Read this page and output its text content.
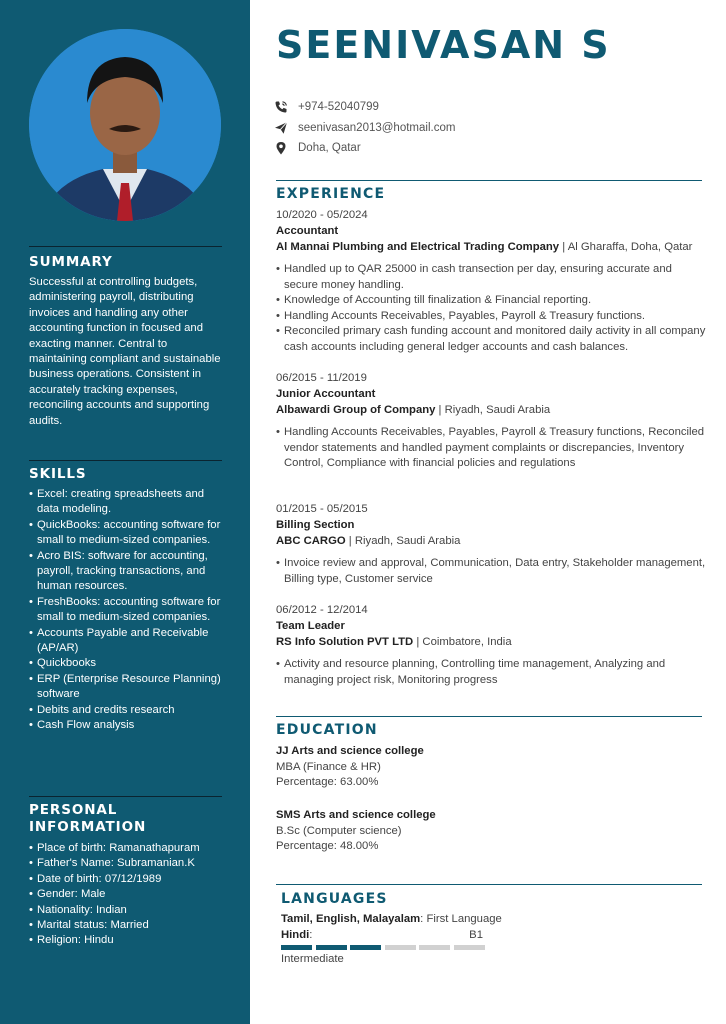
SUMMARY

Successful at controlling budgets, administering payroll, distributing invoices and handling any other accounting function in focused and exacting manner. Central to maintaining compliant and sustainable business operations. Consistent in accurately tracking expenses, reconciling accounts and supporting audits.

SKILLS
• Excel: creating spreadsheets and data modeling.
• QuickBooks: accounting software for small to medium-sized companies.
• Acro BIS: software for accounting, payroll, tracking transactions, and human resources.
• FreshBooks: accounting software for small to medium-sized companies.
• Accounts Payable and Receivable (AP/AR)
• Quickbooks
• ERP (Enterprise Resource Planning) software
• Debits and credits research
• Cash Flow analysis
PERSONAL INFORMATION
• Place of birth: Ramanathapuram
• Father's Name: Subramanian.K
• Date of birth: 07/12/1989
• Gender: Male
• Nationality: Indian
• Marital status: Married
• Religion: Hindu
SEENIVASAN S
+974-52040799
seenivasan2013@hotmail.com
Doha, Qatar
EXPERIENCE
10/2020 - 05/2024
Accountant
Al Mannai Plumbing and Electrical Trading Company | Al Gharaffa, Doha, Qatar
• Handled up to QAR 25000 in cash transection per day, ensuring accurate and secure money handling.
• Knowledge of Accounting till finalization & Financial reporting.
• Handling Accounts Receivables, Payables, Payroll & Treasury functions.
• Reconciled primary cash funding account and monitored daily activity in all company cash accounts including general ledger accounts and cash balances.
06/2015 - 11/2019
Junior Accountant
Albawardi Group of Company | Riyadh, Saudi Arabia
• Handling Accounts Receivables, Payables, Payroll & Treasury functions, Reconciled vendor statements and handled payment complaints or discrepancies, Inventory Control, Compliance with financial policies and regulations
01/2015 - 05/2015
Billing Section
ABC CARGO | Riyadh, Saudi Arabia
• Invoice review and approval, Communication, Data entry, Stakeholder management, Billing type, Customer service
06/2012 - 12/2014
Team Leader
RS Info Solution PVT LTD | Coimbatore, India
• Activity and resource planning, Controlling time management, Analyzing and managing project risk, Monitoring progress
EDUCATION
JJ Arts and science college
MBA (Finance & HR)
Percentage: 63.00%
SMS Arts and science college
B.Sc (Computer science)
Percentage: 48.00%
LANGUAGES
Tamil, English, Malayalam: First Language
Hindi:	B1
Intermediate
